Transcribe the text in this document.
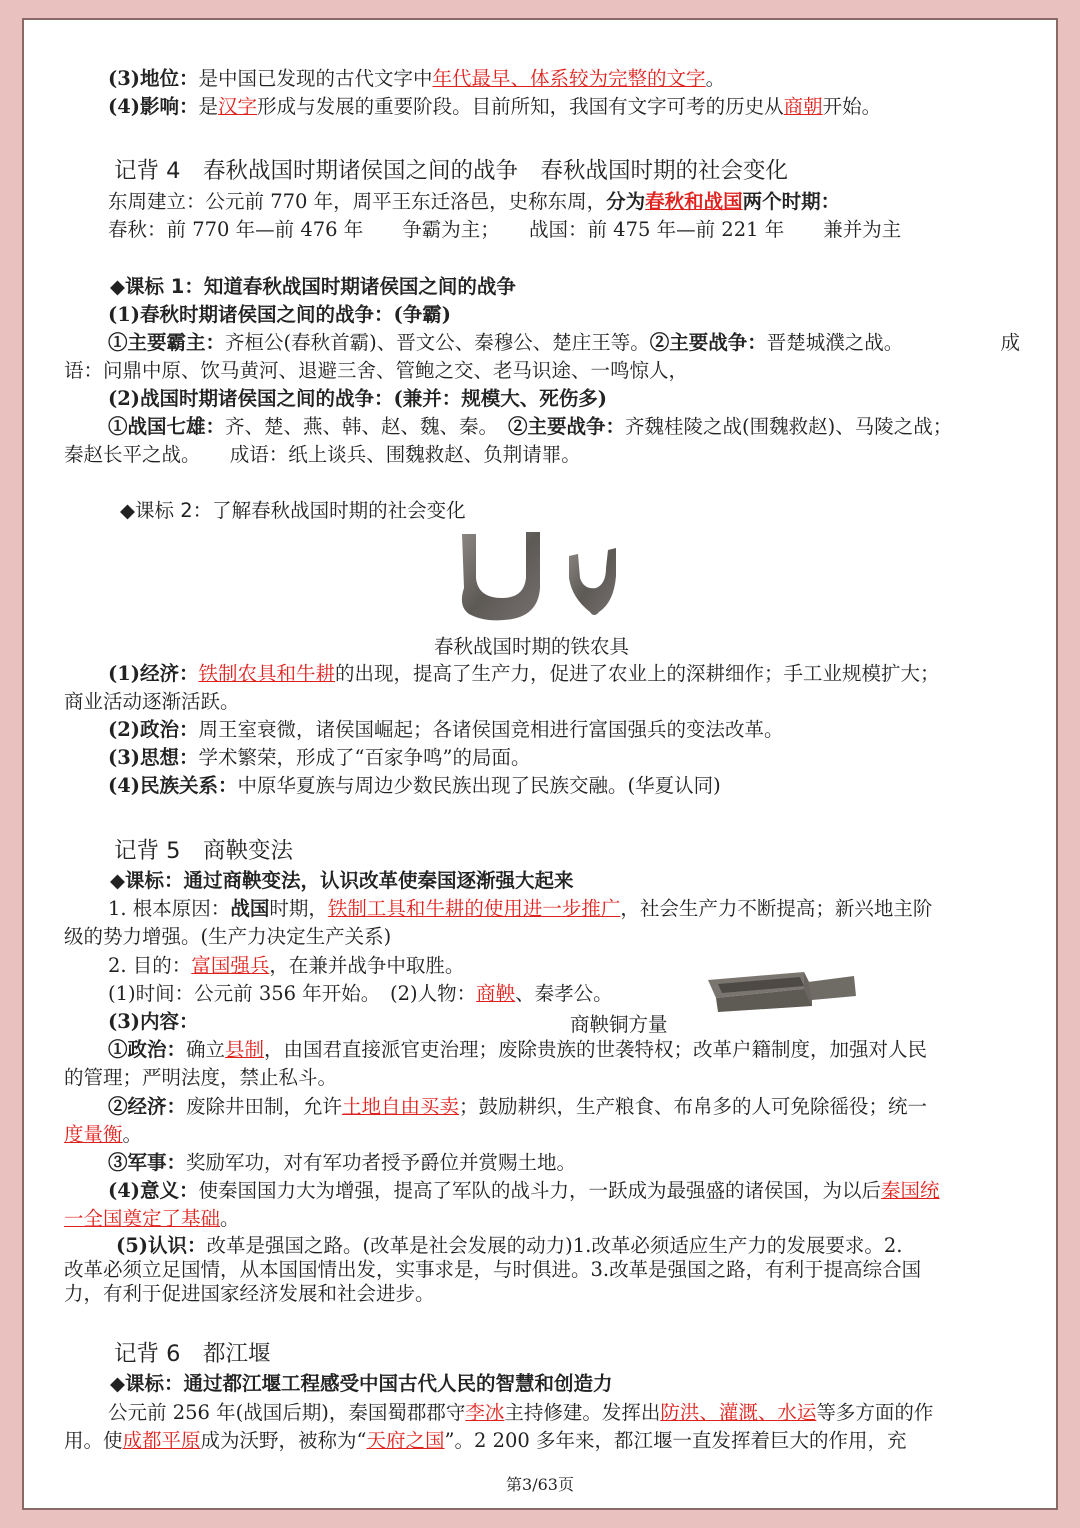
(3)地位：是中国已发现的古代文字中年代最早、体系较为完整的文字。
(4)影响：是汉字形成与发展的重要阶段。目前所知，我国有文字可考的历史从商朝开始。
记背 4　春秋战国时期诸侯国之间的战争　春秋战国时期的社会变化
东周建立：公元前 770 年，周平王东迁洛邑，史称东周，分为春秋和战国两个时期：
春秋：前 770 年—前 476 年　　争霸为主；　　战国：前 475 年—前 221 年　　兼并为主
◆课标 1：知道春秋战国时期诸侯国之间的战争
(1)春秋时期诸侯国之间的战争：(争霸)
①主要霸主：齐桓公(春秋首霸)、晋文公、秦穆公、楚庄王等。②主要战争：晋楚城濮之战。	成
语：问鼎中原、饮马黄河、退避三舍、管鲍之交、老马识途、一鸣惊人，
(2)战国时期诸侯国之间的战争：(兼并：规模大、死伤多)
①战国七雄：齐、楚、燕、韩、赵、魏、秦。 ②主要战争：齐魏桂陵之战(围魏救赵)、马陵之战；
秦赵长平之战。　　成语：纸上谈兵、围魏救赵、负荆请罪。
◆课标 2：了解春秋战国时期的社会变化
春秋战国时期的铁农具
(1)经济：铁制农具和牛耕的出现，提高了生产力，促进了农业上的深耕细作；手工业规模扩大；
商业活动逐渐活跃。
(2)政治：周王室衰微，诸侯国崛起；各诸侯国竞相进行富国强兵的变法改革。
(3)思想：学术繁荣，形成了“百家争鸣”的局面。
(4)民族关系：中原华夏族与周边少数民族出现了民族交融。(华夏认同)
记背 5　商鞅变法
◆课标：通过商鞅变法，认识改革使秦国逐渐强大起来
1. 根本原因：战国时期，铁制工具和牛耕的使用进一步推广，社会生产力不断提高；新兴地主阶
级的势力增强。(生产力决定生产关系)
2. 目的：富国强兵，在兼并战争中取胜。
(1)时间：公元前 356 年开始。　(2)人物：商鞅、秦孝公。
(3)内容：	商鞅铜方量
①政治：确立县制，由国君直接派官吏治理；废除贵族的世袭特权；改革户籍制度，加强对人民
的管理；严明法度，禁止私斗。
②经济：废除井田制，允许土地自由买卖；鼓励耕织，生产粮食、布帛多的人可免除徭役；统一
度量衡。
③军事：奖励军功，对有军功者授予爵位并赏赐土地。
(4)意义：使秦国国力大为增强，提高了军队的战斗力，一跃成为最强盛的诸侯国，为以后秦国统
一全国奠定了基础。
(5)认识：改革是强国之路。(改革是社会发展的动力)1.改革必须适应生产力的发展要求。2.
改革必须立足国情，从本国国情出发，实事求是，与时俱进。3.改革是强国之路，有利于提高综合国
力，有利于促进国家经济发展和社会进步。
记背 6　都江堰
◆课标：通过都江堰工程感受中国古代人民的智慧和创造力
公元前 256 年(战国后期)，秦国蜀郡郡守李冰主持修建。发挥出防洪、灌溉、水运等多方面的作
用。使成都平原成为沃野，被称为“天府之国”。2 200 多年来，都江堰一直发挥着巨大的作用，充
第3/63页
